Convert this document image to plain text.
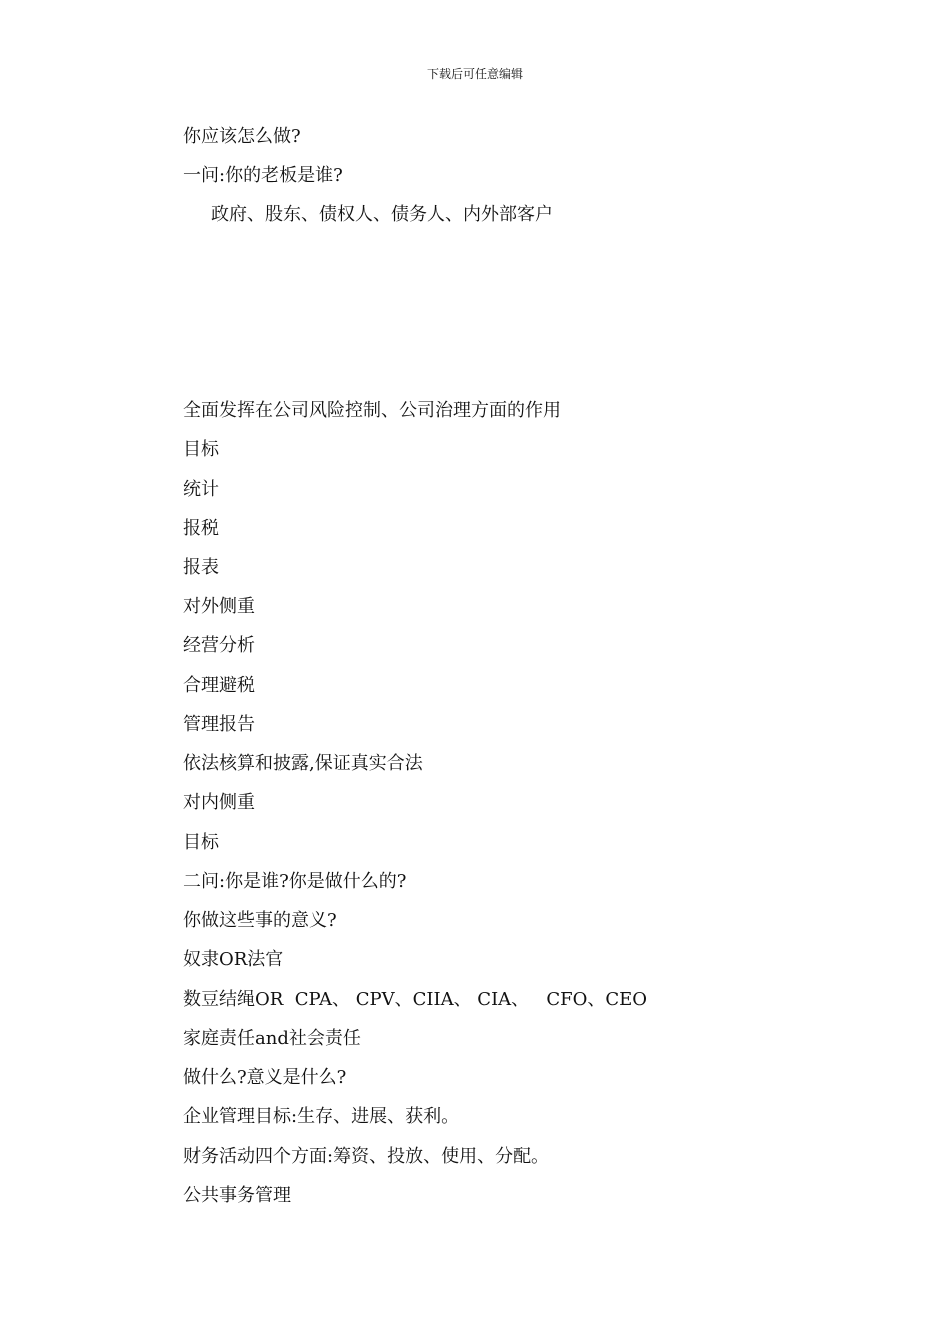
下载后可任意编辑
你应该怎么做?
一问:你的老板是谁?
政府、股东、债权人、债务人、内外部客户
全面发挥在公司风险控制、公司治理方面的作用
目标
统计
报税
报表
对外侧重
经营分析
合理避税
管理报告
依法核算和披露,保证真实合法
对内侧重
目标
二问:你是谁?你是做什么的?
你做这些事的意义?
奴隶OR法官
数豆结绳OR  CPA、 CPV、CIIA、 CIA、   CFO、CEO
家庭责任and社会责任
做什么?意义是什么?
企业管理目标:生存、进展、获利。
财务活动四个方面:筹资、投放、使用、分配。
公共事务管理
